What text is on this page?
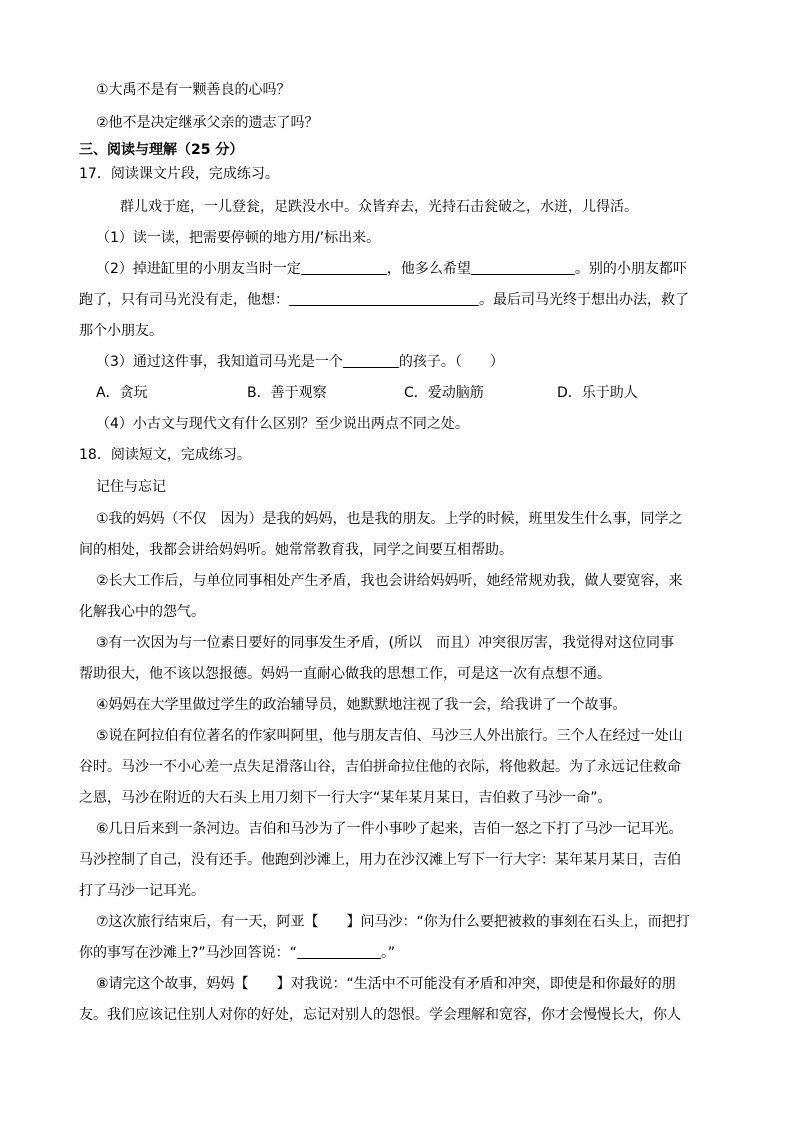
①大禹不是有一颗善良的心吗？
②他不是决定继承父亲的遗志了吗？
三、阅读与理解（25 分）
17．阅读课文片段，完成练习。
群儿戏于庭，一儿登瓮，足跌没水中。众皆弃去，光持石击瓮破之，水迸，儿得活。
（1）读一读，把需要停顿的地方用/’标出来。
（2）掉进缸里的小朋友当时一定	，他多么希望	。别的小朋友都吓
跑了，只有司马光没有走，他想：	。最后司马光终于想出办法，救了
那个小朋友。
（3）通过这件事，我知道司马光是一个	的孩子。（　　）
A．贪玩	B．善于观察	C．爱动脑筋	D．乐于助人
（4）小古文与现代文有什么区别？至少说出两点不同之处。
18．阅读短文，完成练习。
记住与忘记
①我的妈妈（不仅　因为）是我的妈妈，也是我的朋友。上学的时候，班里发生什么事，同学之
间的相处，我都会讲给妈妈听。她常常教育我，同学之间要互相帮助。
②长大工作后，与单位同事相处产生矛盾，我也会讲给妈妈听，她经常规劝我，做人要宽容，来
化解我心中的怨气。
③有一次因为与一位素日要好的同事发生矛盾，(所以　而且）冲突很厉害，我觉得对这位同事
帮助很大，他不该以怨报德。妈妈一直耐心做我的思想工作，可是这一次有点想不通。
④妈妈在大学里做过学生的政治辅导员，她默默地注视了我一会，给我讲了一个故事。
⑤说在阿拉伯有位著名的作家叫阿里，他与朋友吉伯、马沙三人外出旅行。三个人在经过一处山
谷时。马沙一不小心差一点失足滑落山谷，吉伯拼命拉住他的衣际，将他救起。为了永远记住救命
之恩，马沙在附近的大石头上用刀刻下一行大字“某年某月某日，吉伯救了马沙一命”。
⑥几日后来到一条河边。吉伯和马沙为了一件小事吵了起来，吉伯一怒之下打了马沙一记耳光。
马沙控制了自己，没有还手。他跑到沙滩上，用力在沙汉滩上写下一行大字：某年某月某日，吉伯
打了马沙一记耳光。
⑦这次旅行结束后，有一天，阿亚【　　】问马沙：“你为什么要把被救的事刻在石头上，而把打
你的事写在沙滩上?”马沙回答说：“	。”
⑧请完这个故事，妈妈【　　】对我说：“生活中不可能没有矛盾和冲突，即使是和你最好的朋
友。我们应该记住别人对你的好处，忘记对别人的怨恨。学会理解和宽容，你才会慢慢长大，你人
